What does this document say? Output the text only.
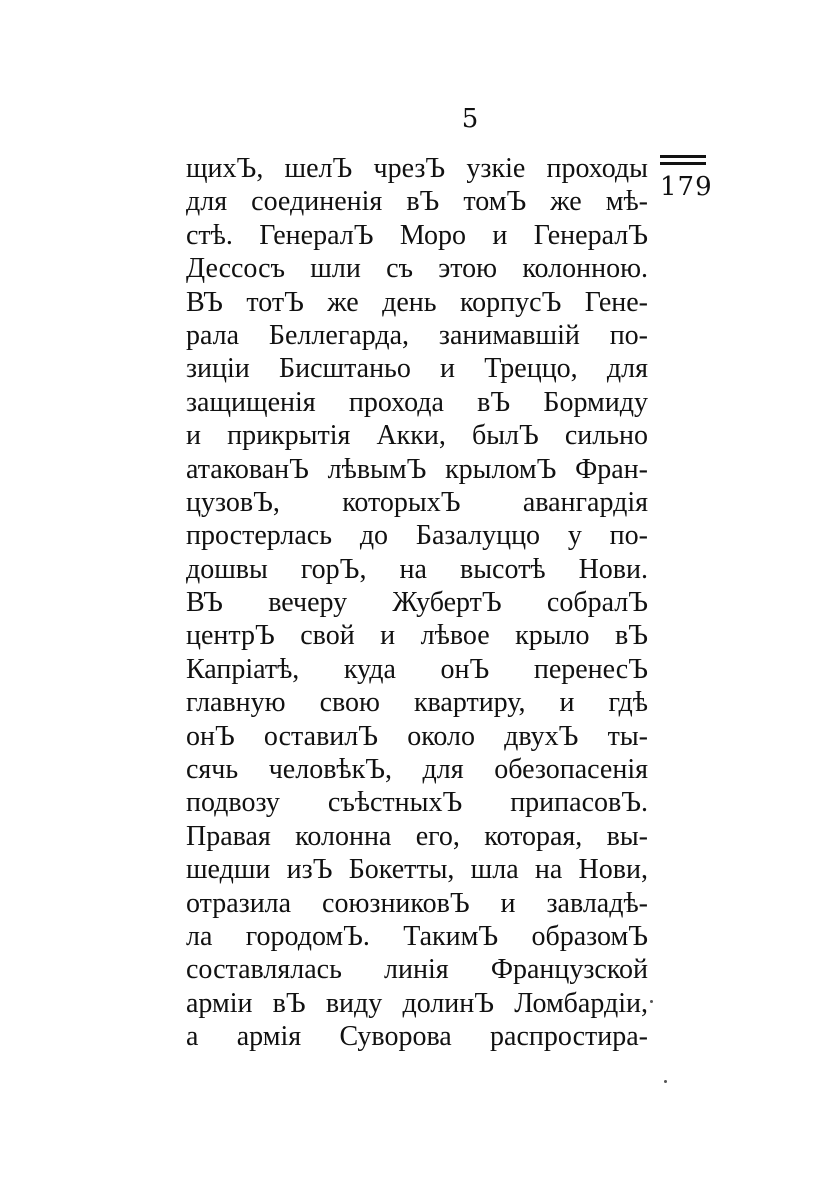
5
179
щихЪ, шелЪ чрезЪ узкіе проходы
для соединенія вЪ томЪ же мѣ-
стѣ. ГенералЪ Моро и ГенералЪ
Дессосъ шли съ этою колонною.
ВЪ тотЪ же день корпусЪ Гене-
рала Беллегарда, занимавшій по-
зиціи Бисштаньо и Треццо, для
защищенія прохода вЪ Бормиду
и прикрытія Акки, былЪ сильно
атакованЪ лѣвымЪ крыломЪ Фран-
цузовЪ, которыхЪ авангардія
простерлась до Базалуццо у по-
дошвы горЪ, на высотѣ Нови.
ВЪ вечеру ЖубертЪ собралЪ
центрЪ свой и лѣвое крыло вЪ
Капріатѣ, куда онЪ перенесЪ
главную свою квартиру, и гдѣ
онЪ оставилЪ около двухЪ ты-
сячь человѣкЪ, для обезопасенія
подвозу съѣстныхЪ припасовЪ.
Правая колонна его, которая, вы-
шедши изЪ Бокетты, шла на Нови,
отразила союзниковЪ и завладѣ-
ла городомЪ. ТакимЪ образомЪ
составлялась линія Французской
арміи вЪ виду долинЪ Ломбардіи,
а армія Суворова распростира-
